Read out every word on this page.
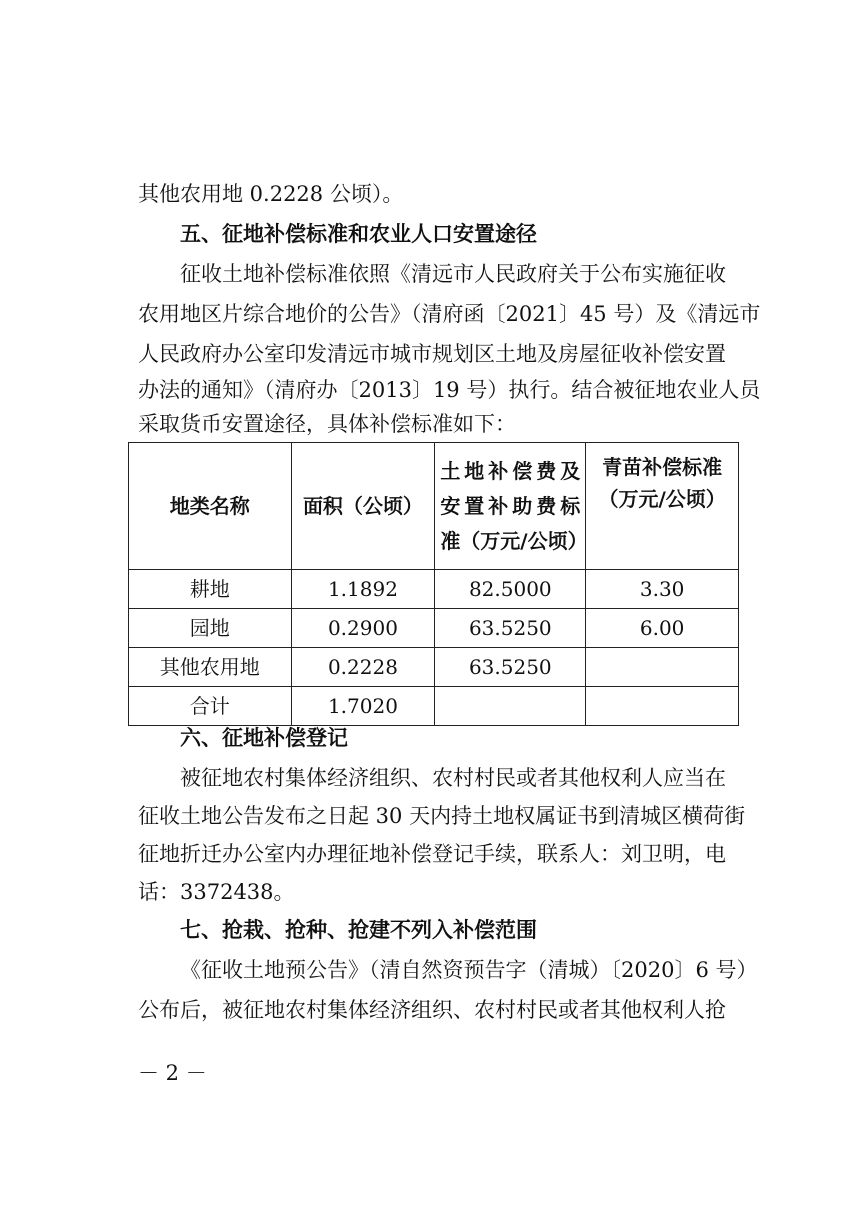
其他农用地 0.2228 公顷）。
五、征地补偿标准和农业人口安置途径
征收土地补偿标准依照《清远市人民政府关于公布实施征收
农用地区片综合地价的公告》（清府函〔2021〕45 号）及《清远市
人民政府办公室印发清远市城市规划区土地及房屋征收补偿安置
办法的通知》（清府办〔2013〕19 号）执行。结合被征地农业人员
采取货币安置途径，具体补偿标准如下：
地类名称	面积（公顷）	土地补偿费及
安置补助费标
准（万元/公顷）	青苗补偿标准
（万元/公顷）
耕地	1.1892	82.5000	3.30
园地	0.2900	63.5250	6.00
其他农用地	0.2228	63.5250	
合计	1.7020		
六、征地补偿登记
被征地农村集体经济组织、农村村民或者其他权利人应当在
征收土地公告发布之日起 30 天内持土地权属证书到清城区横荷街
征地折迁办公室内办理征地补偿登记手续，联系人：刘卫明，电
话：3372438。
七、抢栽、抢种、抢建不列入补偿范围
《征收土地预公告》（清自然资预告字（清城）〔2020〕6 号）
公布后，被征地农村集体经济组织、农村村民或者其他权利人抢
－ 2 －
